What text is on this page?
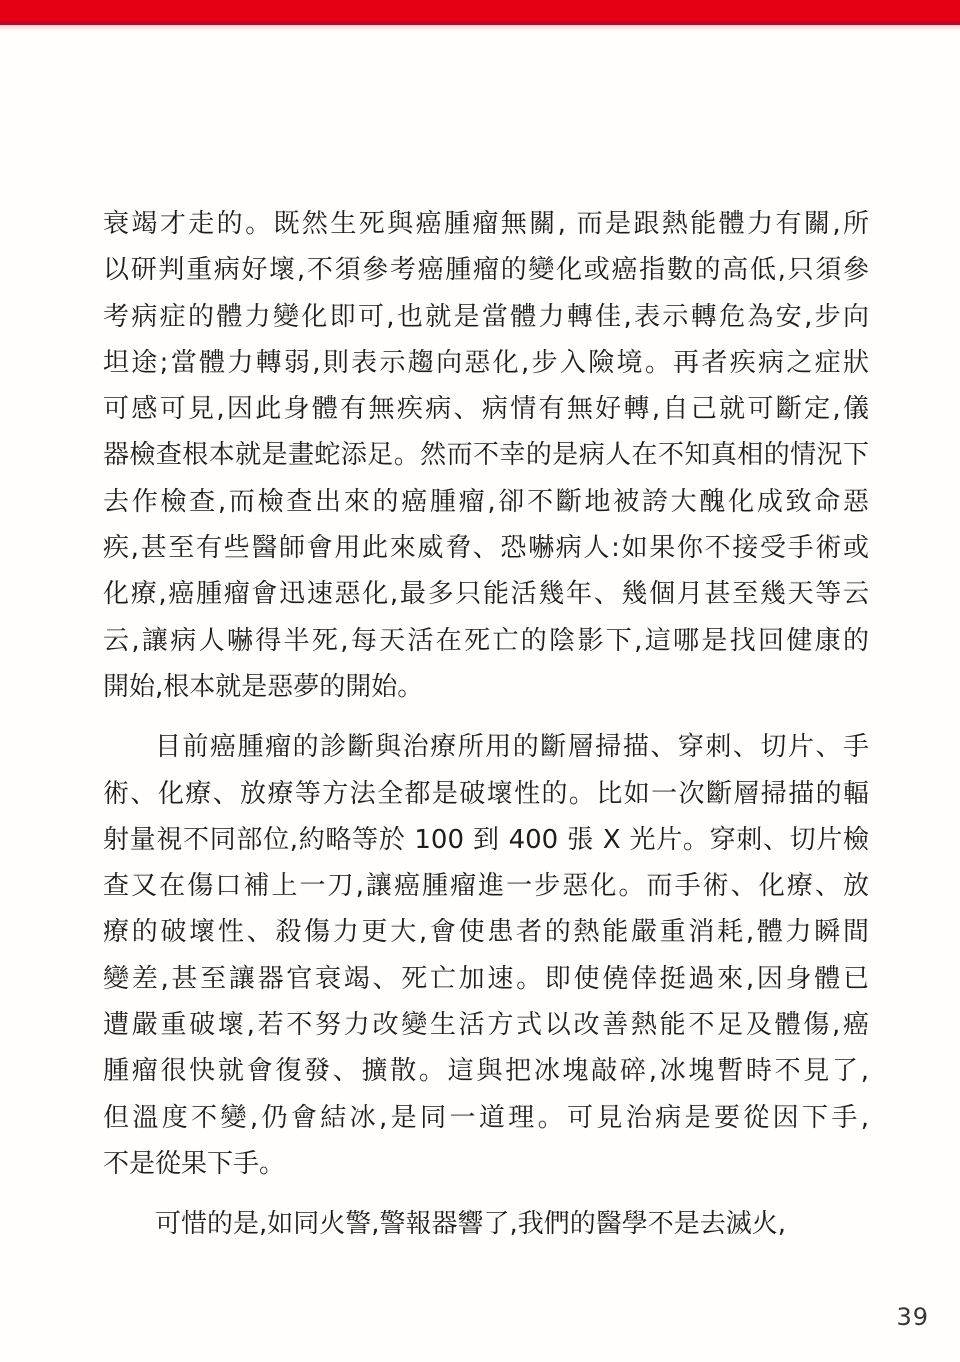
衰竭才走的。既然生死與癌腫瘤無關, 而是跟熱能體力有關,所
以研判重病好壞,不須參考癌腫瘤的變化或癌指數的高低,只須參
考病症的體力變化即可,也就是當體力轉佳,表示轉危為安,步向
坦途;當體力轉弱,則表示趨向惡化,步入險境。再者疾病之症狀
可感可見,因此身體有無疾病、病情有無好轉,自己就可斷定,儀
器檢查根本就是畫蛇添足。然而不幸的是病人在不知真相的情況下
去作檢查,而檢查出來的癌腫瘤,卻不斷地被誇大醜化成致命惡
疾,甚至有些醫師會用此來威脅、恐嚇病人:如果你不接受手術或
化療,癌腫瘤會迅速惡化,最多只能活幾年、幾個月甚至幾天等云
云,讓病人嚇得半死,每天活在死亡的陰影下,這哪是找回健康的
開始,根本就是惡夢的開始。
目前癌腫瘤的診斷與治療所用的斷層掃描、穿刺、切片、手
術、化療、放療等方法全都是破壞性的。比如一次斷層掃描的輻
射量視不同部位,約略等於 100 到 400 張 X 光片。穿刺、切片檢
查又在傷口補上一刀,讓癌腫瘤進一步惡化。而手術、化療、放
療的破壞性、殺傷力更大,會使患者的熱能嚴重消耗,體力瞬間
變差,甚至讓器官衰竭、死亡加速。即使僥倖挺過來,因身體已
遭嚴重破壞,若不努力改變生活方式以改善熱能不足及體傷,癌
腫瘤很快就會復發、擴散。這與把冰塊敲碎,冰塊暫時不見了,
但溫度不變,仍會結冰,是同一道理。可見治病是要從因下手,
不是從果下手。
可惜的是,如同火警,警報器響了,我們的醫學不是去滅火,
39
